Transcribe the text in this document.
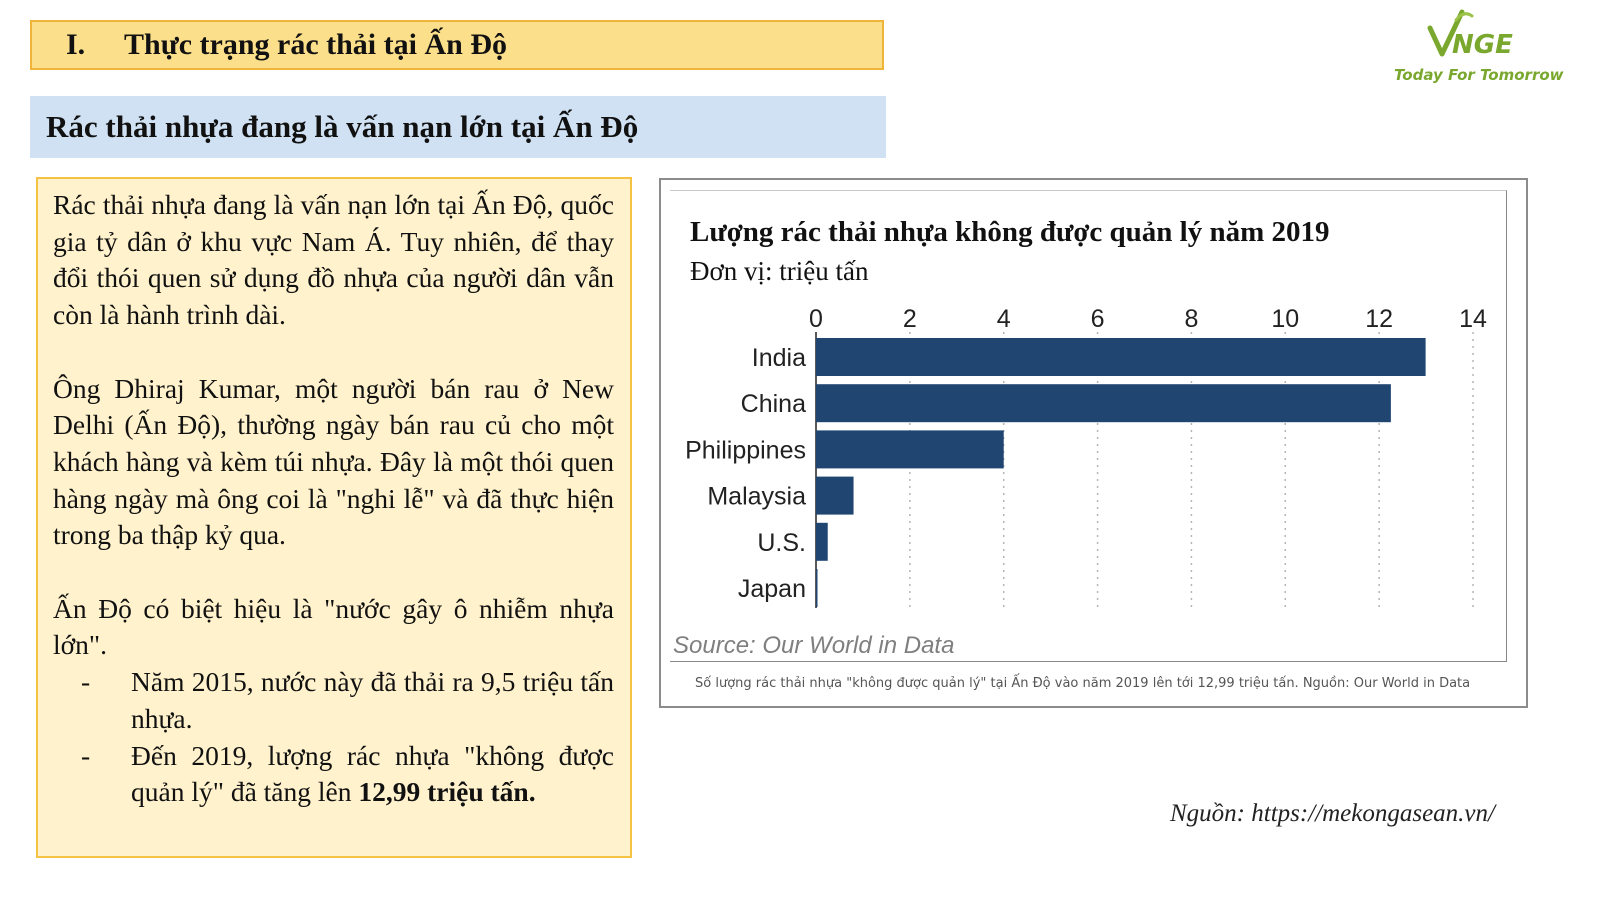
I.	Thực trạng rác thải tại Ấn Độ
Rác thải nhựa đang là vấn nạn lớn tại Ấn Độ
NGE
Today For Tomorrow

Rác thải nhựa đang là vấn nạn lớn tại Ấn Độ, quốc gia tỷ dân ở khu vực Nam Á. Tuy nhiên, để thay đổi thói quen sử dụng đồ nhựa của người dân vẫn còn là hành trình dài.

Ông Dhiraj Kumar, một người bán rau ở New Delhi (Ấn Độ), thường ngày bán rau củ cho một khách hàng và kèm túi nhựa. Đây là một thói quen hàng ngày mà ông coi là "nghi lễ" và đã thực hiện trong ba thập kỷ qua.

Ấn Độ có biệt hiệu là "nước gây ô nhiễm nhựa lớn".

- Năm 2015, nước này đã thải ra 9,5 triệu tấn nhựa.
- Đến 2019, lượng rác nhựa "không được quản lý" đã tăng lên 12,99 triệu tấn.
Lượng rác thải nhựa không được quản lý năm 2019
Đơn vị: triệu tấn
0	2	4	6	8	10	12	14
India
China
Philippines
Malaysia
U.S.
Japan
Source: Our World in Data
Số lượng rác thải nhựa "không được quản lý" tại Ấn Độ vào năm 2019 lên tới 12,99 triệu tấn. Nguồn: Our World in Data
Nguồn: https://mekongasean.vn/
